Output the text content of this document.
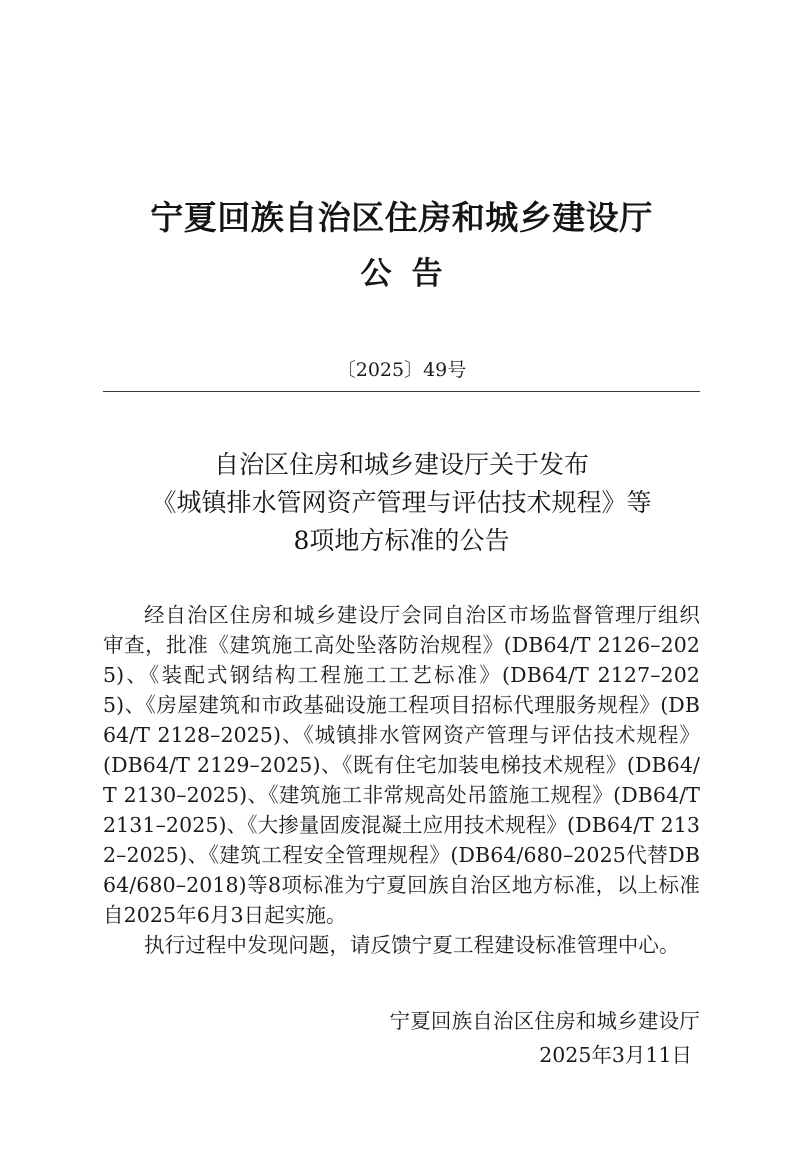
宁夏回族自治区住房和城乡建设厅
公告
〔2025〕49号
自治区住房和城乡建设厅关于发布
《城镇排水管网资产管理与评估技术规程》等
8项地方标准的公告

经自治区住房和城乡建设厅会同自治区市场监督管理厅组织审查，批准《建筑施工高处坠落防治规程》(DB64/T 2126–2025)、《装配式钢结构工程施工工艺标准》(DB64/T 2127–2025)、《房屋建筑和市政基础设施工程项目招标代理服务规程》(DB64/T 2128–2025)、《城镇排水管网资产管理与评估技术规程》(DB64/T 2129–2025)、《既有住宅加装电梯技术规程》(DB64/T 2130–2025)、《建筑施工非常规高处吊篮施工规程》(DB64/T 2131–2025)、《大掺量固废混凝土应用技术规程》(DB64/T 2132–2025)、《建筑工程安全管理规程》(DB64/680–2025代替DB64/680–2018)等8项标准为宁夏回族自治区地方标准，以上标准自2025年6月3日起实施。

执行过程中发现问题，请反馈宁夏工程建设标准管理中心。

宁夏回族自治区住房和城乡建设厅
2025年3月11日
